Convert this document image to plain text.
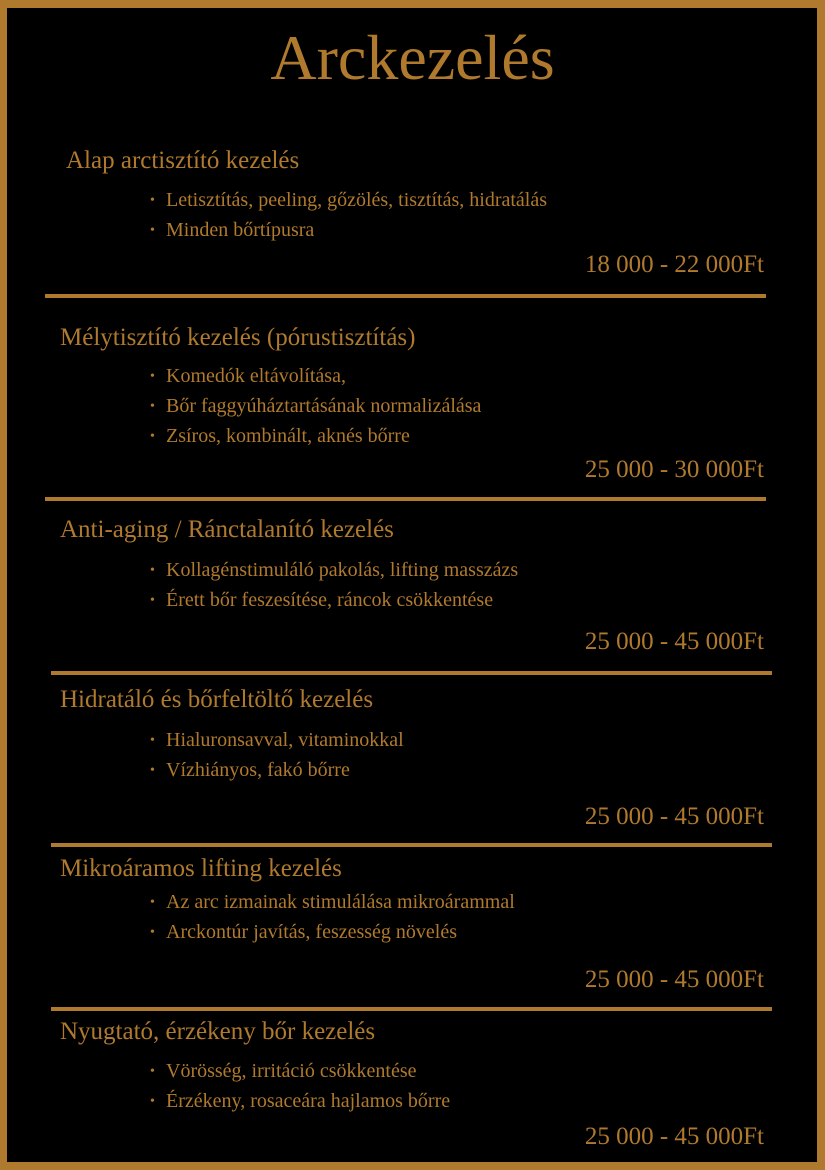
Arckezelés
Alap arctisztító kezelés
• Letisztítás, peeling, gőzölés, tisztítás, hidratálás
• Minden bőrtípusra
18 000 - 22 000Ft
Mélytisztító kezelés (pórustisztítás)
• Komedók eltávolítása,
• Bőr faggyúháztartásának normalizálása
• Zsíros, kombinált, aknés bőrre
25 000 - 30 000Ft
Anti-aging / Ránctalanító kezelés
• Kollagénstimuláló pakolás, lifting masszázs
• Érett bőr feszesítése, ráncok csökkentése
25 000 - 45 000Ft
Hidratáló és bőrfeltöltő kezelés
• Hialuronsavval, vitaminokkal
• Vízhiányos, fakó bőrre
25 000 - 45 000Ft
Mikroáramos lifting kezelés
• Az arc izmainak stimulálása mikroárammal
• Arckontúr javítás, feszesség növelés
25 000 - 45 000Ft
Nyugtató, érzékeny bőr kezelés
• Vörösség, irritáció csökkentése
• Érzékeny, rosaceára hajlamos bőrre
25 000 - 45 000Ft
